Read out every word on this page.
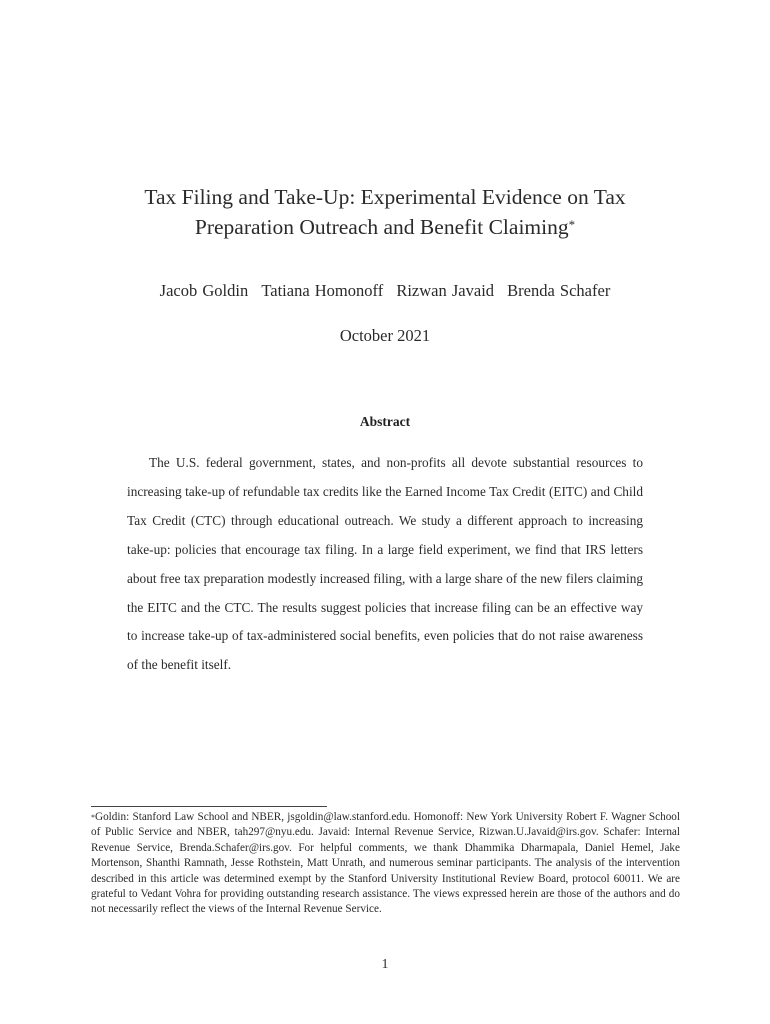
Tax Filing and Take-Up: Experimental Evidence on Tax Preparation Outreach and Benefit Claiming*
Jacob Goldin Tatiana Homonoff Rizwan Javaid Brenda Schafer
October 2021
Abstract
The U.S. federal government, states, and non-profits all devote substantial resources to increasing take-up of refundable tax credits like the Earned Income Tax Credit (EITC) and Child Tax Credit (CTC) through educational outreach. We study a different approach to increasing take-up: policies that encourage tax filing. In a large field experiment, we find that IRS letters about free tax preparation modestly increased filing, with a large share of the new filers claiming the EITC and the CTC. The results suggest policies that increase filing can be an effective way to increase take-up of tax-administered social benefits, even policies that do not raise awareness of the benefit itself.
*Goldin: Stanford Law School and NBER, jsgoldin@law.stanford.edu. Homonoff: New York University Robert F. Wagner School of Public Service and NBER, tah297@nyu.edu. Javaid: Internal Revenue Service, Rizwan.U.Javaid@irs.gov. Schafer: Internal Revenue Service, Brenda.Schafer@irs.gov. For helpful comments, we thank Dhammika Dharmapala, Daniel Hemel, Jake Mortenson, Shanthi Ramnath, Jesse Rothstein, Matt Unrath, and numerous seminar participants. The analysis of the intervention described in this article was determined exempt by the Stanford University Institutional Review Board, protocol 60011. We are grateful to Vedant Vohra for providing outstanding research assistance. The views expressed herein are those of the authors and do not necessarily reflect the views of the Internal Revenue Service.
1
